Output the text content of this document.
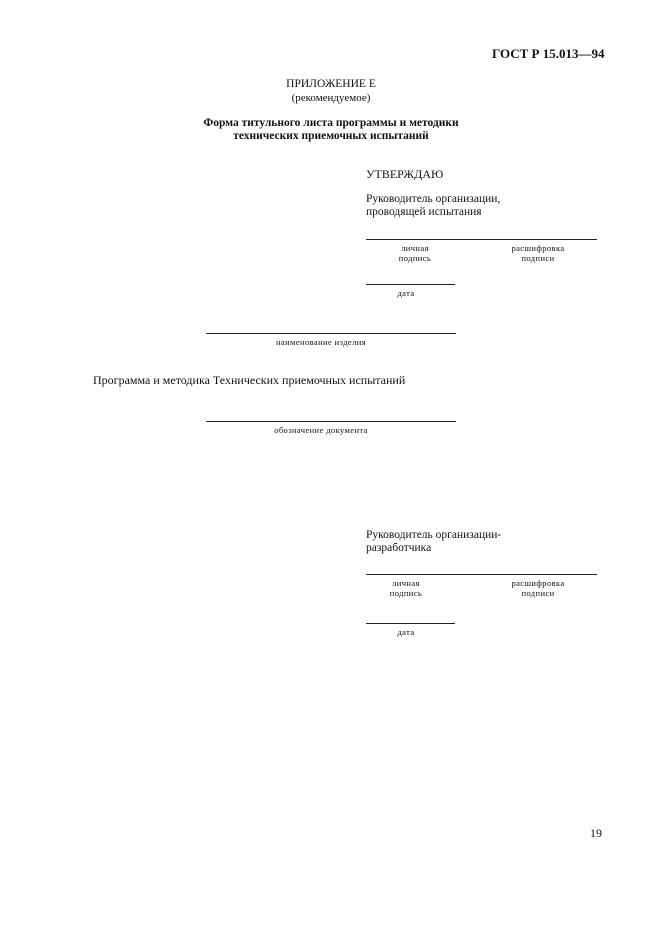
ГОСТ Р 15.013—94
ПРИЛОЖЕНИЕ Е
(рекомендуемое)
Форма титульного листа программы и методики
технических приемочных испытаний
УТВЕРЖДАЮ
Руководитель организации,
проводящей испытания
личная
подпись
расшифровка
подписи
дата
наименование изделия
Программа и методика Технических приемочных испытаний
обозначение документа
Руководитель организации-
разработчика
личная
подпись
расшифровка
подписи
дата
19
